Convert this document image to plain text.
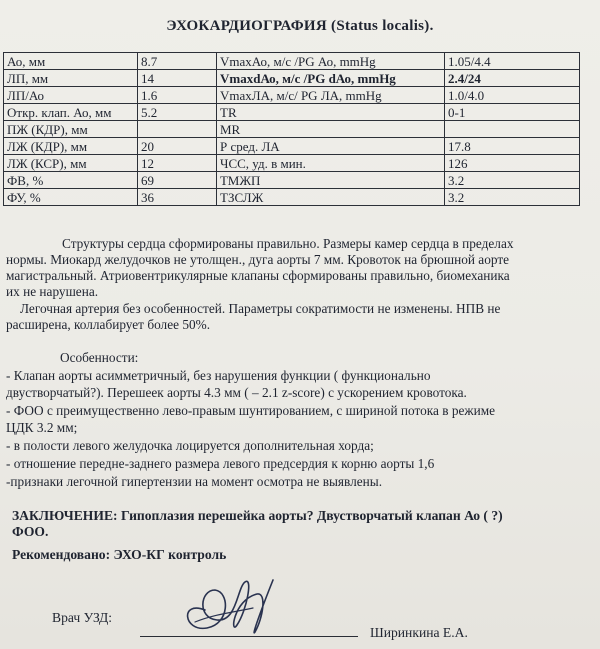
ЭХОКАРДИОГРАФИЯ (Status localis).
Ао, мм	8.7	VmaxАо, м/с /PG Ао, mmHg	1.05/4.4
ЛП, мм	14	VmaxdАо, м/с /PG dАо, mmHg	2.4/24
ЛП/Ао	1.6	VmaxЛА, м/с/ PG ЛА, mmHg	1.0/4.0
Откр. клап. Ао, мм	5.2	TR	0-1
ПЖ (КДР), мм		MR	
ЛЖ (КДР), мм	20	Р сред. ЛА	17.8
ЛЖ (КСР), мм	12	ЧСС, уд. в мин.	126
ФВ, %	69	ТМЖП	3.2
ФУ, %	36	ТЗСЛЖ	3.2
Структуры сердца сформированы правильно. Размеры камер сердца в пределах
нормы. Миокард желудочков не утолщен., дуга аорты 7 мм. Кровоток на брюшной аорте
магистральный. Атриовентрикулярные клапаны сформированы правильно, биомеханика
их не нарушена.
Легочная артерия без особенностей. Параметры сократимости не изменены. НПВ не
расширена, коллабирует более 50%.
Особенности:
- Клапан аорты асимметричный, без нарушения функции ( функционально
двустворчатый?). Перешеек аорты 4.3 мм ( – 2.1 z-score) с ускорением кровотока.
- ФОО с преимущественно лево-правым шунтированием, с шириной потока в режиме
ЦДК 3.2 мм;
- в полости левого желудочка лоцируется дополнительная хорда;
- отношение передне-заднего размера левого предсердия к корню аорты 1,6
-признаки легочной гипертензии на момент осмотра не выявлены.
ЗАКЛЮЧЕНИЕ: Гипоплазия перешейка аорты? Двустворчатый клапан Ао ( ?)
ФОО.
Рекомендовано: ЭХО-КГ контроль
Врач УЗД:
Ширинкина Е.А.
